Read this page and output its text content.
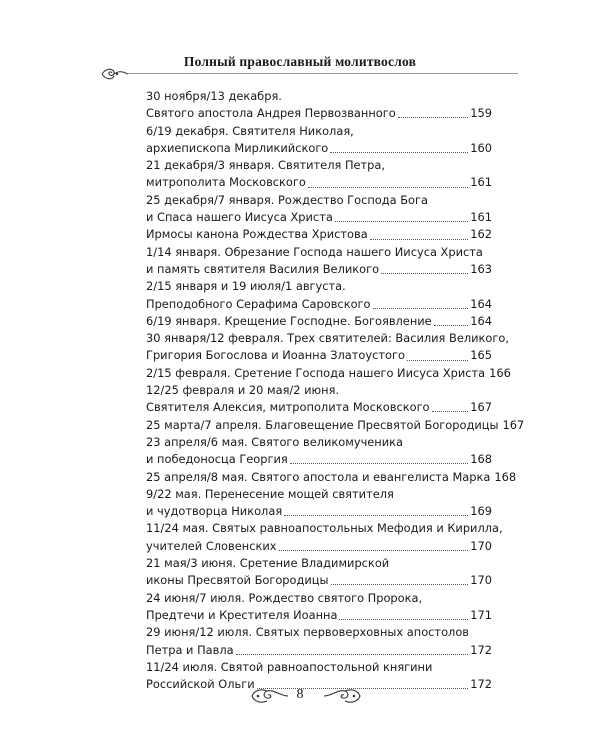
Полный православный молитвослов
30 ноября/13 декабря.
Святого апостола Андрея Первозванного	159
6/19 декабря. Святителя Николая,
архиепископа Мирликийского	160
21 декабря/3 января. Святителя Петра,
митрополита Московского	161
25 декабря/7 января. Рождество Господа Бога
и Спаса нашего Иисуса Христа	161
Ирмосы канона Рождества Христова	162
1/14 января. Обрезание Господа нашего Иисуса Христа
и память святителя Василия Великого	163
2/15 января и 19 июля/1 августа.
Преподобного Серафима Саровского	164
6/19 января. Крещение Господне. Богоявление	164
30 января/12 февраля. Трех святителей: Василия Великого,
Григория Богослова и Иоанна Златоустого	165
2/15 февраля. Сретение Господа нашего Иисуса Христа 166
12/25 февраля и 20 мая/2 июня.
Святителя Алексия, митрополита Московского	167
25 марта/7 апреля. Благовещение Пресвятой Богородицы 167
23 апреля/6 мая. Святого великомученика
и победоносца Георгия	168
25 апреля/8 мая. Святого апостола и евангелиста Марка 168
9/22 мая. Перенесение мощей святителя
и чудотворца Николая	169
11/24 мая. Святых равноапостольных Мефодия и Кирилла,
учителей Словенских	170
21 мая/3 июня. Сретение Владимирской
иконы Пресвятой Богородицы	170
24 июня/7 июля. Рождество святого Пророка,
Предтечи и Крестителя Иоанна	171
29 июня/12 июля. Святых первоверховных апостолов
Петра и Павла	172
11/24 июля. Святой равноапостольной княгини
Российской Ольги	172
8
